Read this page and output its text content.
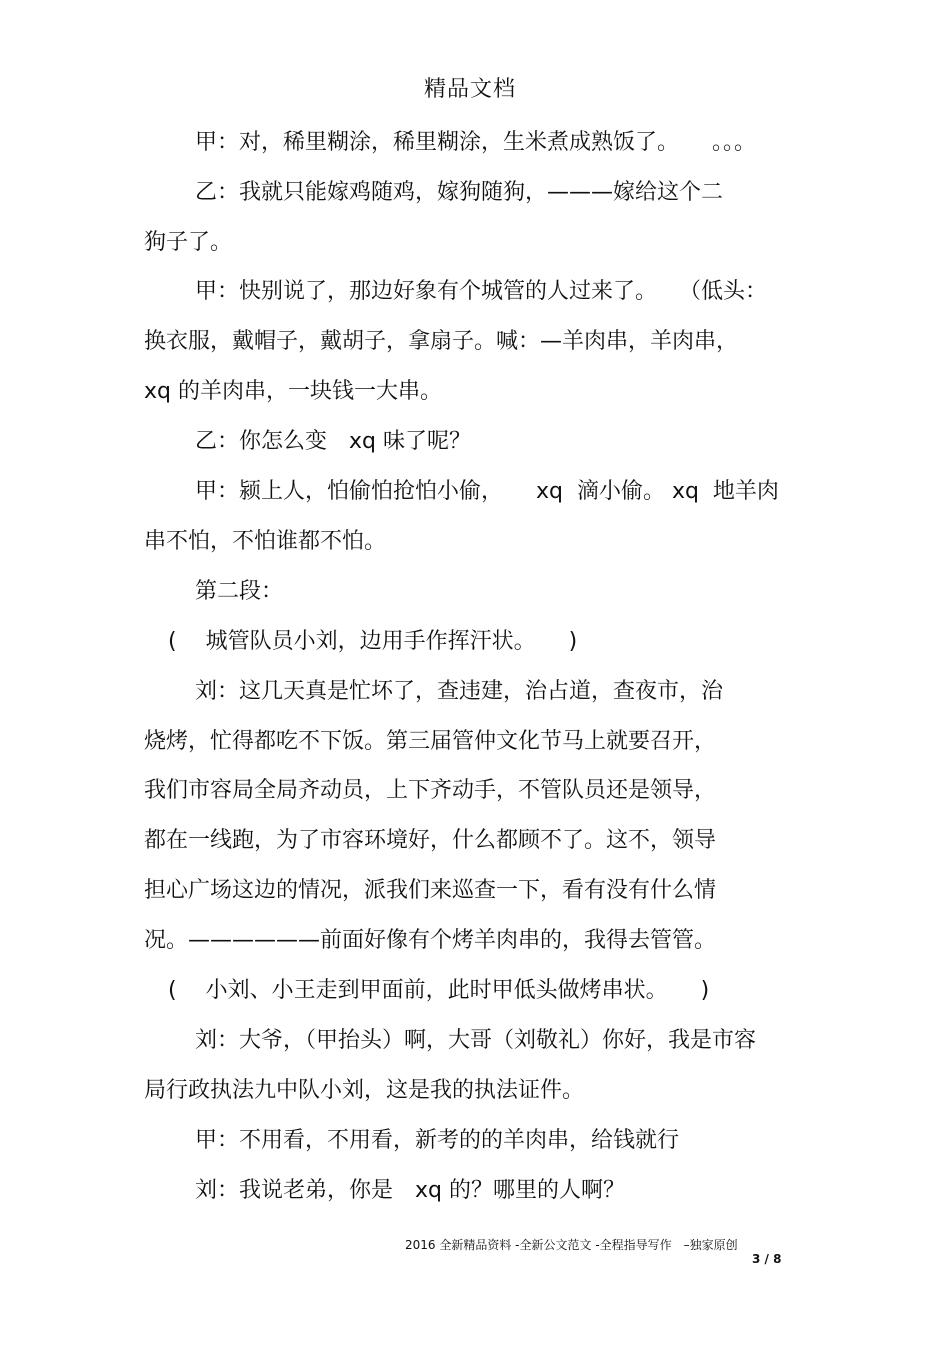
精品文档
甲：对，稀里糊涂，稀里糊涂，生米煮成熟饭了。　　。。。
乙：我就只能嫁鸡随鸡，嫁狗随狗，———嫁给这个二
狗子了。
甲：快别说了，那边好象有个城管的人过来了。　　（低头：
换衣服，戴帽子，戴胡子，拿扇子。喊：—羊肉串，羊肉串，
xq 的羊肉串，一块钱一大串。
乙：你怎么变　xq 味了呢？
甲：颍上人，怕偷怕抢怕小偷，　　xq  滴小偷。 xq  地羊肉
串不怕，不怕谁都不怕。
第二段：
(　 城管队员小刘，边用手作挥汗状。　　)
刘：这几天真是忙坏了，查违建，治占道，查夜市，治
烧烤，忙得都吃不下饭。第三届管仲文化节马上就要召开，
我们市容局全局齐动员，上下齐动手，不管队员还是领导，
都在一线跑，为了市容环境好，什么都顾不了。这不，领导
担心广场这边的情况，派我们来巡查一下，看有没有什么情
况。——————前面好像有个烤羊肉串的，我得去管管。
(　 小刘、小王走到甲面前，此时甲低头做烤串状。　　)
刘：大爷，（甲抬头）啊，大哥（刘敬礼）你好，我是市容
局行政执法九中队小刘，这是我的执法证件。
甲：不用看，不用看，新考的的羊肉串，给钱就行
刘：我说老弟，你是　xq 的？哪里的人啊？
2016 全新精品资料 -全新公文范文 -全程指导写作　–独家原创
3 / 8
